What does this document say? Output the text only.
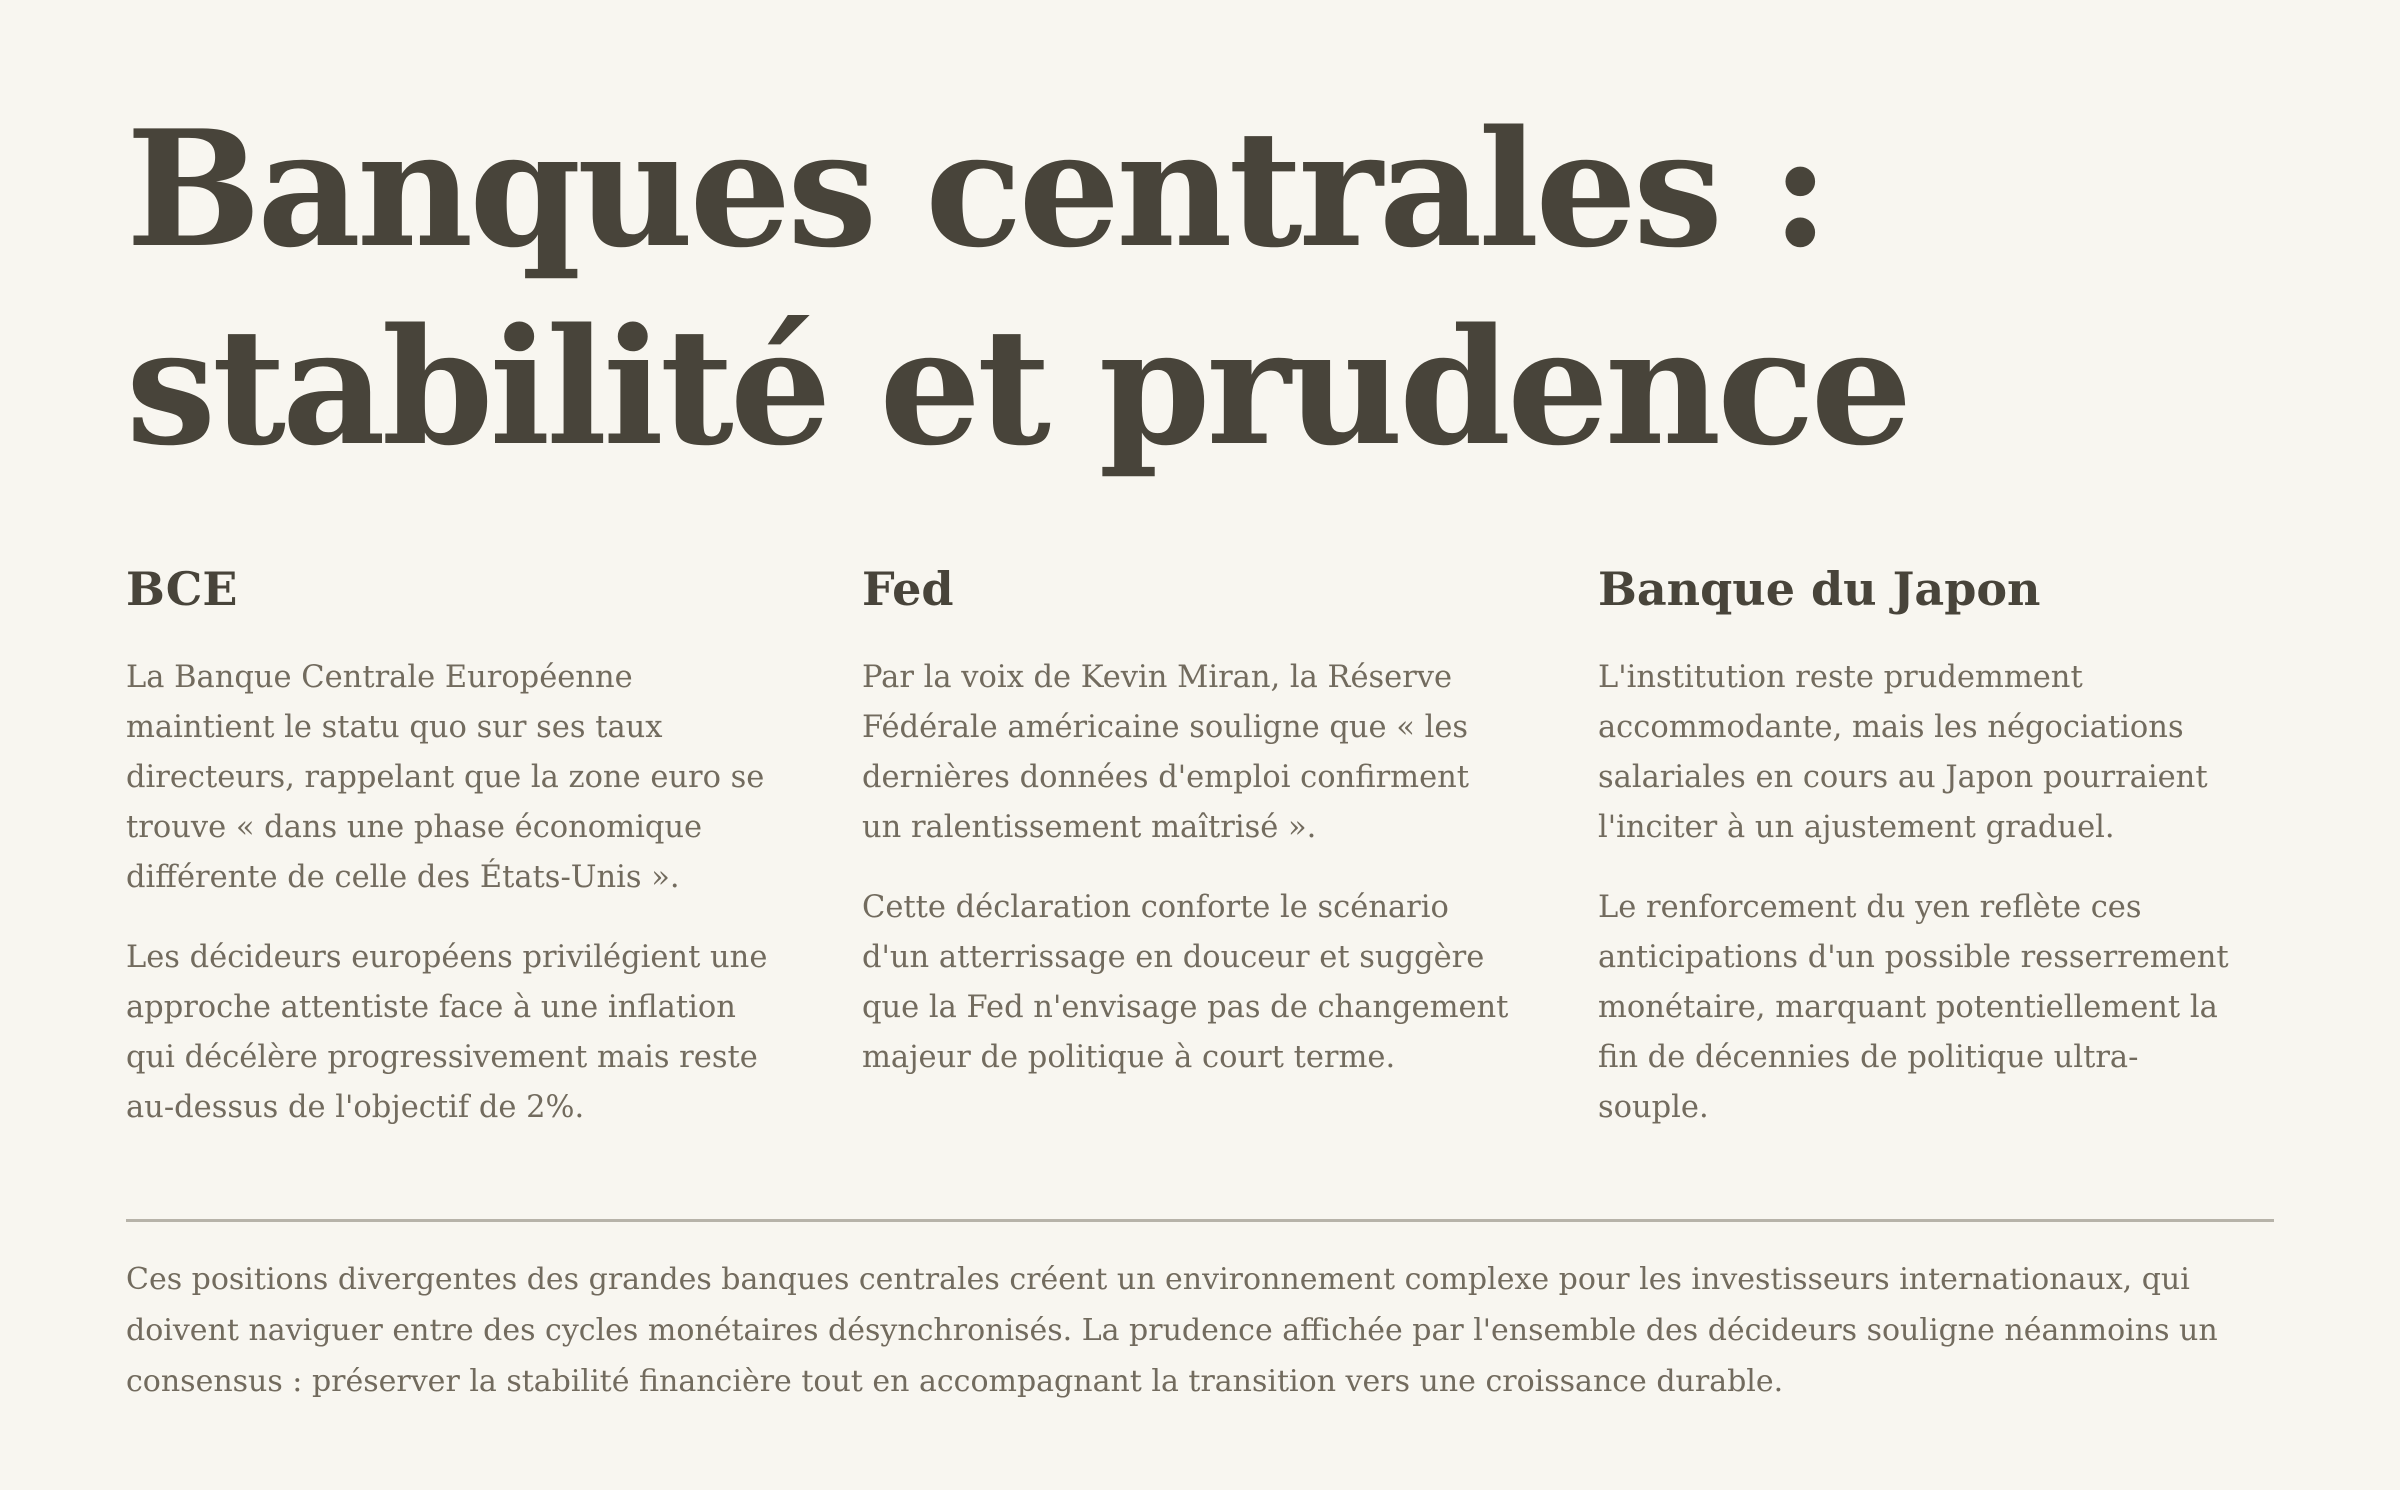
Banques centrales : stabilité et prudence
BCE

La Banque Centrale Européenne maintient le statu quo sur ses taux directeurs, rappelant que la zone euro se trouve « dans une phase économique différente de celle des États-Unis ».

Les décideurs européens privilégient une approche attentiste face à une inflation qui décélère progressivement mais reste au-dessus de l'objectif de 2%.

Fed

Par la voix de Kevin Miran, la Réserve Fédérale américaine souligne que « les dernières données d'emploi confirment un ralentissement maîtrisé ».

Cette déclaration conforte le scénario d'un atterrissage en douceur et suggère que la Fed n'envisage pas de changement majeur de politique à court terme.

Banque du Japon

L'institution reste prudemment accommodante, mais les négociations salariales en cours au Japon pourraient l'inciter à un ajustement graduel.

Le renforcement du yen reflète ces anticipations d'un possible resserrement monétaire, marquant potentiellement la fin de décennies de politique ultra-souple.

Ces positions divergentes des grandes banques centrales créent un environnement complexe pour les investisseurs internationaux, qui doivent naviguer entre des cycles monétaires désynchronisés. La prudence affichée par l'ensemble des décideurs souligne néanmoins un consensus : préserver la stabilité financière tout en accompagnant la transition vers une croissance durable.
